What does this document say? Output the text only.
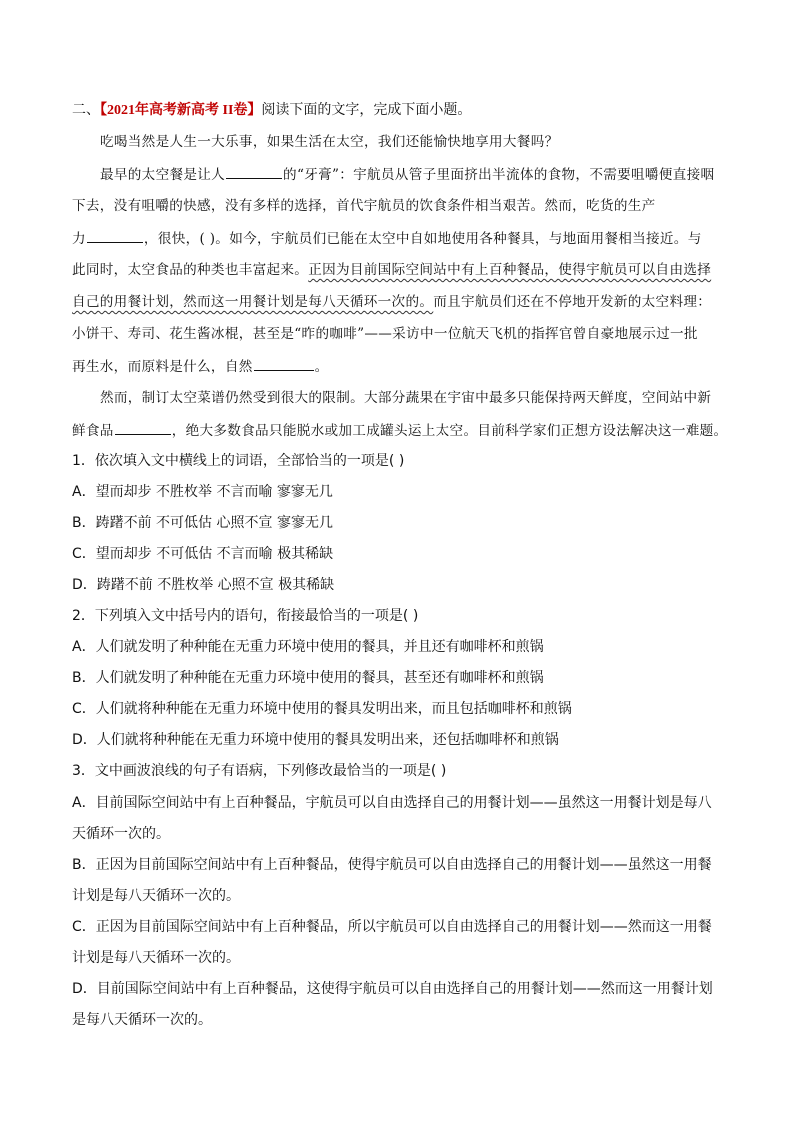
二、【2021年高考新高考 II卷】阅读下面的文字，完成下面小题。
吃喝当然是人生一大乐事，如果生活在太空，我们还能愉快地享用大餐吗？
最早的太空餐是让人	的“牙膏”：宇航员从管子里面挤出半流体的食物，不需要咀嚼便直接咽
下去，没有咀嚼的快感，没有多样的选择，首代宇航员的饮食条件相当艰苦。然而，吃货的生产
力	，很快，( )。如今，宇航员们已能在太空中自如地使用各种餐具，与地面用餐相当接近。与
此同时，太空食品的种类也丰富起来。正因为目前国际空间站中有上百种餐品，使得宇航员可以自由选择
自己的用餐计划，然而这一用餐计划是每八天循环一次的。而且宇航员们还在不停地开发新的太空料理：
小饼干、寿司、花生酱冰棍，甚至是“昨的咖啡”——采访中一位航天飞机的指挥官曾自豪地展示过一批
再生水，而原料是什么，自然	。
然而，制订太空菜谱仍然受到很大的限制。大部分蔬果在宇宙中最多只能保持两天鲜度，空间站中新
鲜食品	，绝大多数食品只能脱水或加工成罐头运上太空。目前科学家们正想方设法解决这一难题。
1．依次填入文中横线上的词语，全部恰当的一项是( )
A．望而却步 不胜枚举 不言而喻 寥寥无几
B．踌躇不前 不可低估 心照不宣 寥寥无几
C．望而却步 不可低估 不言而喻 极其稀缺
D．踌躇不前 不胜枚举 心照不宣 极其稀缺
2．下列填入文中括号内的语句，衔接最恰当的一项是( )
A．人们就发明了种种能在无重力环境中使用的餐具，并且还有咖啡杯和煎锅
B．人们就发明了种种能在无重力环境中使用的餐具，甚至还有咖啡杯和煎锅
C．人们就将种种能在无重力环境中使用的餐具发明出来，而且包括咖啡杯和煎锅
D．人们就将种种能在无重力环境中使用的餐具发明出来，还包括咖啡杯和煎锅
3．文中画波浪线的句子有语病，下列修改最恰当的一项是( )
A．目前国际空间站中有上百种餐品，宇航员可以自由选择自己的用餐计划——虽然这一用餐计划是每八
天循环一次的。
B．正因为目前国际空间站中有上百种餐品，使得宇航员可以自由选择自己的用餐计划——虽然这一用餐
计划是每八天循环一次的。
C．正因为目前国际空间站中有上百种餐品，所以宇航员可以自由选择自己的用餐计划——然而这一用餐
计划是每八天循环一次的。
D．目前国际空间站中有上百种餐品，这使得宇航员可以自由选择自己的用餐计划——然而这一用餐计划
是每八天循环一次的。
